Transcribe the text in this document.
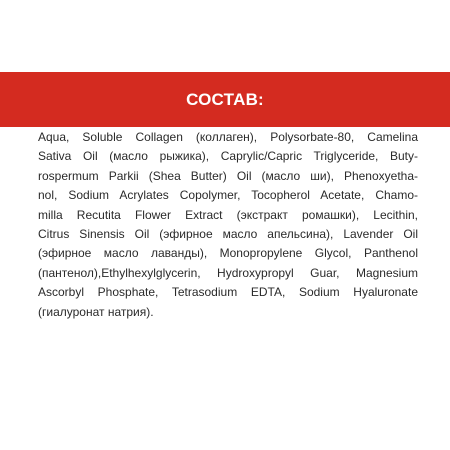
СОСТАВ:
Aqua, Soluble Collagen (коллаген), Polysorbate-80, Camelina
Sativa Oil (масло рыжика), Caprylic/Capric Triglyceride, Buty-
rospermum Parkii (Shea Butter) Oil (масло ши), Phenoxyetha-
nol, Sodium Acrylates Copolymer, Tocopherol Acetate, Chamo-
milla Recutita Flower Extract (экстракт ромашки), Lecithin,
Citrus Sinensis Oil (эфирное масло апельсина), Lavender Oil
(эфирное масло лаванды), Monopropylene Glycol, Panthenol
(пантенол),Ethylhexylglycerin, Hydroxypropyl Guar, Magnesium
Ascorbyl Phosphate, Tetrasodium EDTA, Sodium Hyaluronate
(гиалуронат натрия).
